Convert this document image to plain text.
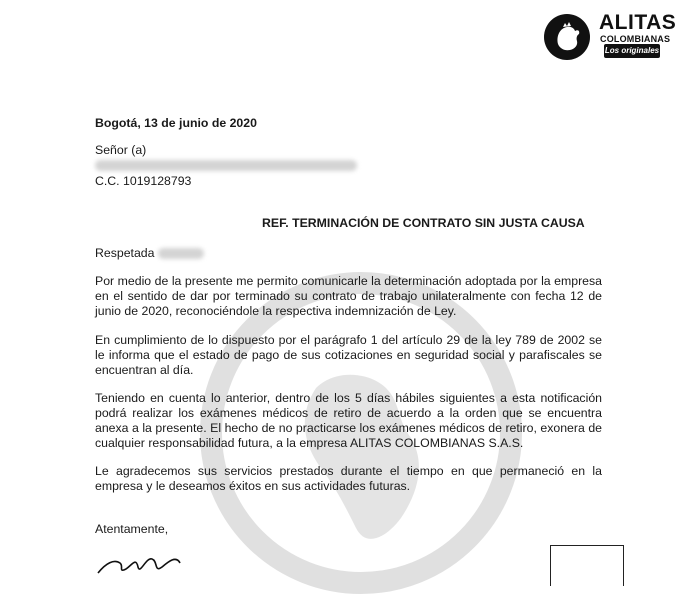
ALITAS
COLOMBIANAS
Los originales
Bogotá, 13 de junio de 2020
Señor (a)
C.C. 1019128793
REF. TERMINACIÓN DE CONTRATO SIN JUSTA CAUSA
Respetada
Por medio de la presente me permito comunicarle la determinación adoptada por la empresa en el sentido de dar por terminado su contrato de trabajo unilateralmente con fecha 12 de junio de 2020, reconociéndole la respectiva indemnización de Ley.
En cumplimiento de lo dispuesto por el parágrafo 1 del artículo 29 de la ley 789 de 2002 se le informa que el estado de pago de sus cotizaciones en seguridad social y parafiscales se encuentran al día.
Teniendo en cuenta lo anterior, dentro de los 5 días hábiles siguientes a esta notificación podrá realizar los exámenes médicos de retiro de acuerdo a la orden que se encuentra anexa a la presente. El hecho de no practicarse los exámenes médicos de retiro, exonera de cualquier responsabilidad futura, a la empresa ALITAS COLOMBIANAS S.A.S.
Le agradecemos sus servicios prestados durante el tiempo en que permaneció en la empresa y le deseamos éxitos en sus actividades futuras.
Atentamente,
